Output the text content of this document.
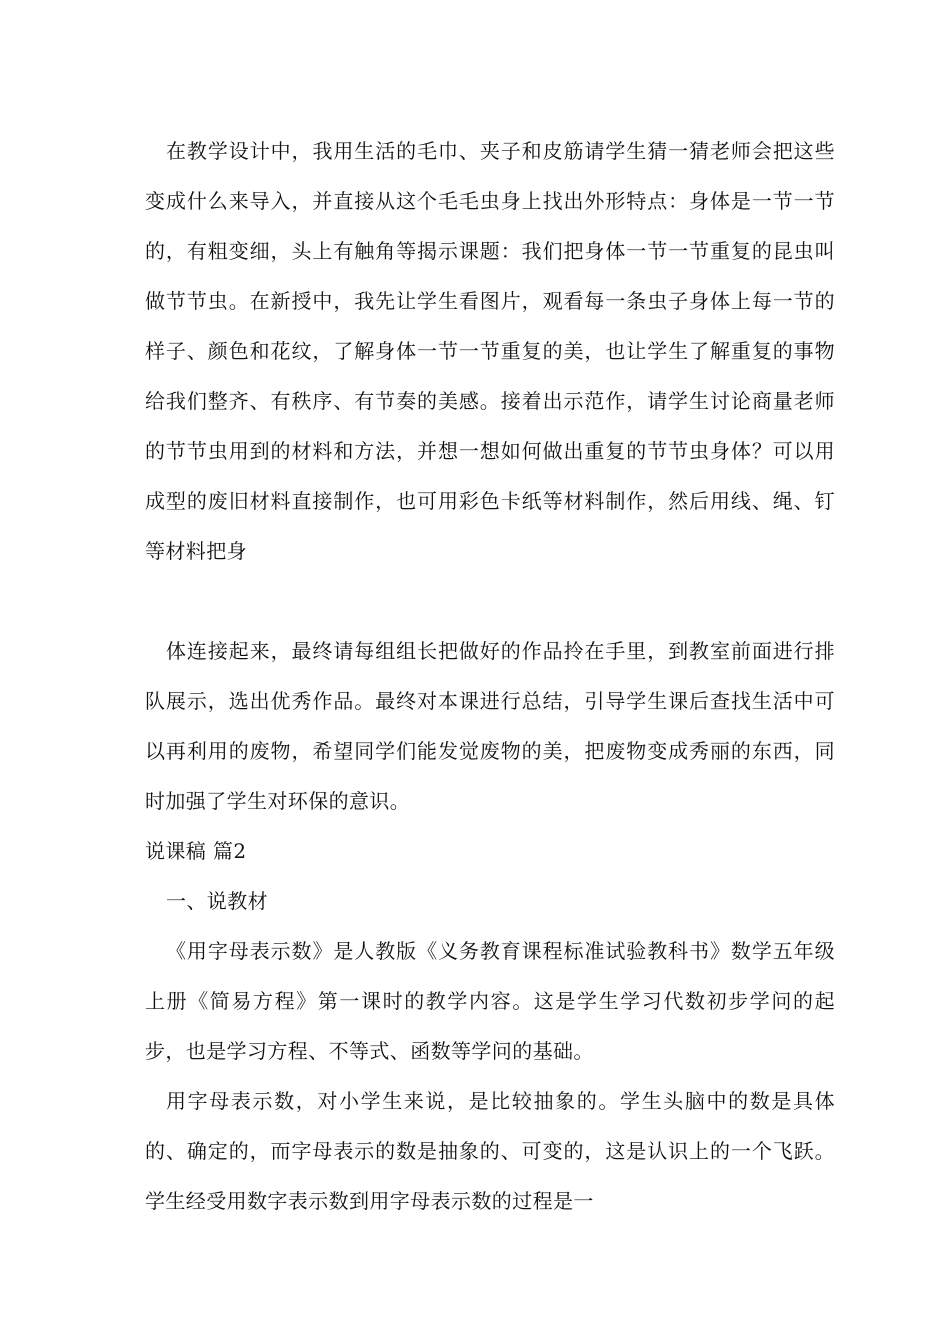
在教学设计中，我用生活的毛巾、夹子和皮筋请学生猜一猜老师会把这些变成什么来导入，并直接从这个毛毛虫身上找出外形特点：身体是一节一节的，有粗变细，头上有触角等揭示课题：我们把身体一节一节重复的昆虫叫做节节虫。在新授中，我先让学生看图片，观看每一条虫子身体上每一节的样子、颜色和花纹，了解身体一节一节重复的美，也让学生了解重复的事物给我们整齐、有秩序、有节奏的美感。接着出示范作，请学生讨论商量老师的节节虫用到的材料和方法，并想一想如何做出重复的节节虫身体？可以用成型的废旧材料直接制作，也可用彩色卡纸等材料制作，然后用线、绳、钉等材料把身

体连接起来，最终请每组组长把做好的作品拎在手里，到教室前面进行排队展示，选出优秀作品。最终对本课进行总结，引导学生课后查找生活中可以再利用的废物，希望同学们能发觉废物的美，把废物变成秀丽的东西，同时加强了学生对环保的意识。

说课稿 篇2

一、说教材

《用字母表示数》是人教版《义务教育课程标准试验教科书》数学五年级上册《简易方程》第一课时的教学内容。这是学生学习代数初步学问的起步，也是学习方程、不等式、函数等学问的基础。

用字母表示数，对小学生来说，是比较抽象的。学生头脑中的数是具体的、确定的，而字母表示的数是抽象的、可变的，这是认识上的一个飞跃。学生经受用数字表示数到用字母表示数的过程是一
